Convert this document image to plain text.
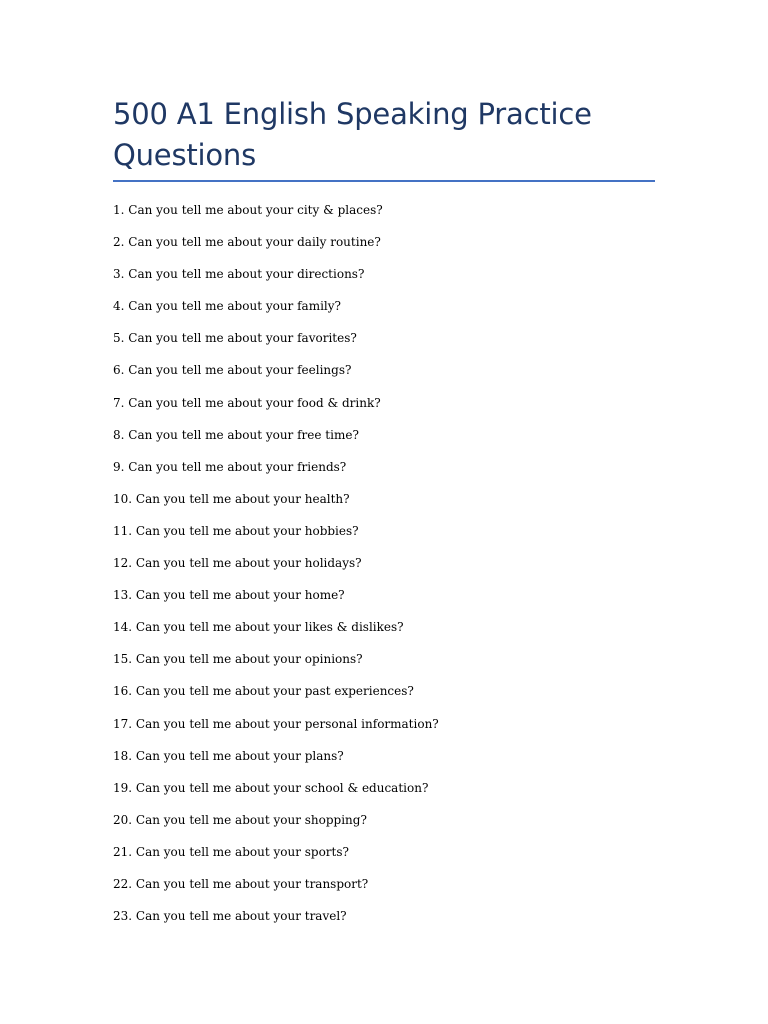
500 A1 English Speaking Practice Questions
1. Can you tell me about your city & places?
2. Can you tell me about your daily routine?
3. Can you tell me about your directions?
4. Can you tell me about your family?
5. Can you tell me about your favorites?
6. Can you tell me about your feelings?
7. Can you tell me about your food & drink?
8. Can you tell me about your free time?
9. Can you tell me about your friends?
10. Can you tell me about your health?
11. Can you tell me about your hobbies?
12. Can you tell me about your holidays?
13. Can you tell me about your home?
14. Can you tell me about your likes & dislikes?
15. Can you tell me about your opinions?
16. Can you tell me about your past experiences?
17. Can you tell me about your personal information?
18. Can you tell me about your plans?
19. Can you tell me about your school & education?
20. Can you tell me about your shopping?
21. Can you tell me about your sports?
22. Can you tell me about your transport?
23. Can you tell me about your travel?
